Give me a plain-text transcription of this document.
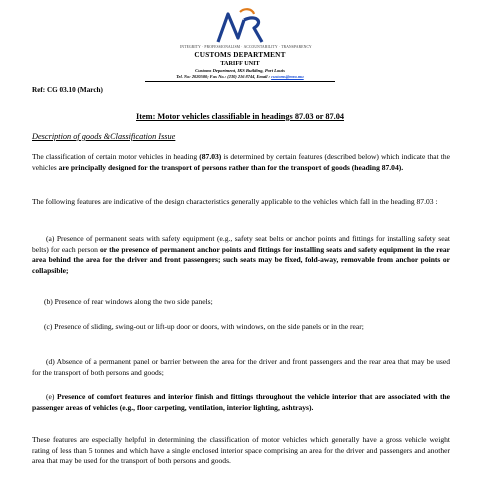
INTEGRITY · PROFESSIONALISM · ACCOUNTABILITY · TRANSPARENCY
CUSTOMS DEPARTMENT
TARIFF UNIT
Customs Department, IKS Building, Port Louis
Tel. No: 2020500; Fax No.: (230) 216 8744, Email : customs@mra.mu
Ref: CG 03.10 (March)
Item: Motor vehicles classifiable in headings 87.03 or 87.04
Description of goods &Classification Issue
The classification of certain motor vehicles in heading (87.03) is determined by certain features (described below) which indicate that the vehicles are principally designed for the transport of persons rather than for the transport of goods (heading 87.04).
The following features are indicative of the design characteristics generally applicable to the vehicles which fall in the heading 87.03 :
(a) Presence of permanent seats with safety equipment (e.g., safety seat belts or anchor points and fittings for installing safety seat belts) for each person or the presence of permanent anchor points and fittings for installing seats and safety equipment in the rear area behind the area for the driver and front passengers; such seats may be fixed, fold-away, removable from anchor points or collapsible;
(b) Presence of rear windows along the two side panels;
(c) Presence of sliding, swing-out or lift-up door or doors, with windows, on the side panels or in the rear;
(d) Absence of a permanent panel or barrier between the area for the driver and front passengers and the rear area that may be used for the transport of both persons and goods;
(e) Presence of comfort features and interior finish and fittings throughout the vehicle interior that are associated with the passenger areas of vehicles (e.g., floor carpeting, ventilation, interior lighting, ashtrays).
These features are especially helpful in determining the classification of motor vehicles which generally have a gross vehicle weight rating of less than 5 tonnes and which have a single enclosed interior space comprising an area for the driver and passengers and another area that may be used for the transport of both persons and goods.
